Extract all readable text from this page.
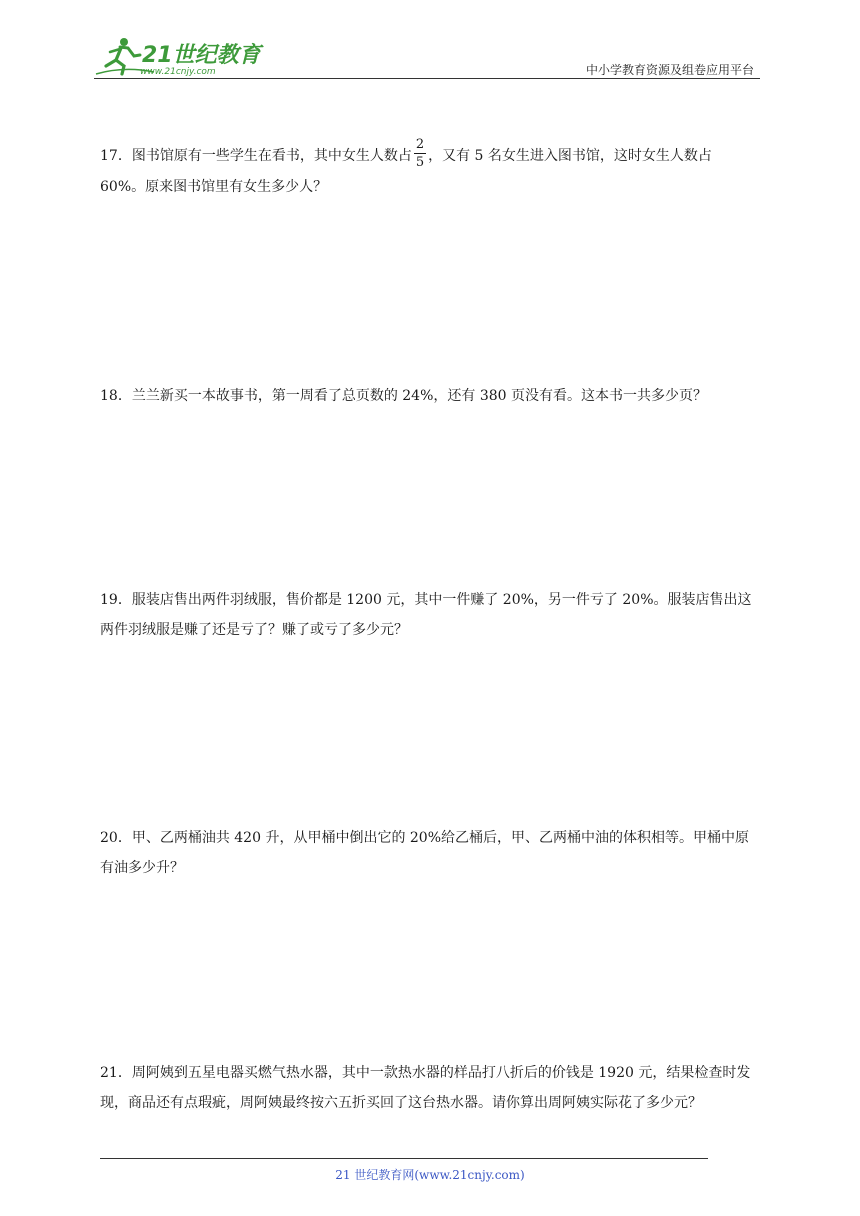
21世纪教育
www.21cnjy.com	中小学教育资源及组卷应用平台
17．图书馆原有一些学生在看书，其中女生人数占 $\frac{2}{5}$ ，又有 5 名女生进入图书馆，这时女生人数占 60%。原来图书馆里有女生多少人？
18．兰兰新买一本故事书，第一周看了总页数的 24%，还有 380 页没有看。这本书一共多少页？
19．服装店售出两件羽绒服，售价都是 1200 元，其中一件赚了 20%，另一件亏了 20%。服装店售出这两件羽绒服是赚了还是亏了？赚了或亏了多少元？
20．甲、乙两桶油共 420 升，从甲桶中倒出它的 20%给乙桶后，甲、乙两桶中油的体积相等。甲桶中原有油多少升？
21．周阿姨到五星电器买燃气热水器，其中一款热水器的样品打八折后的价钱是 1920 元，结果检查时发现，商品还有点瑕疵，周阿姨最终按六五折买回了这台热水器。请你算出周阿姨实际花了多少元？
21 世纪教育网(www.21cnjy.com)
